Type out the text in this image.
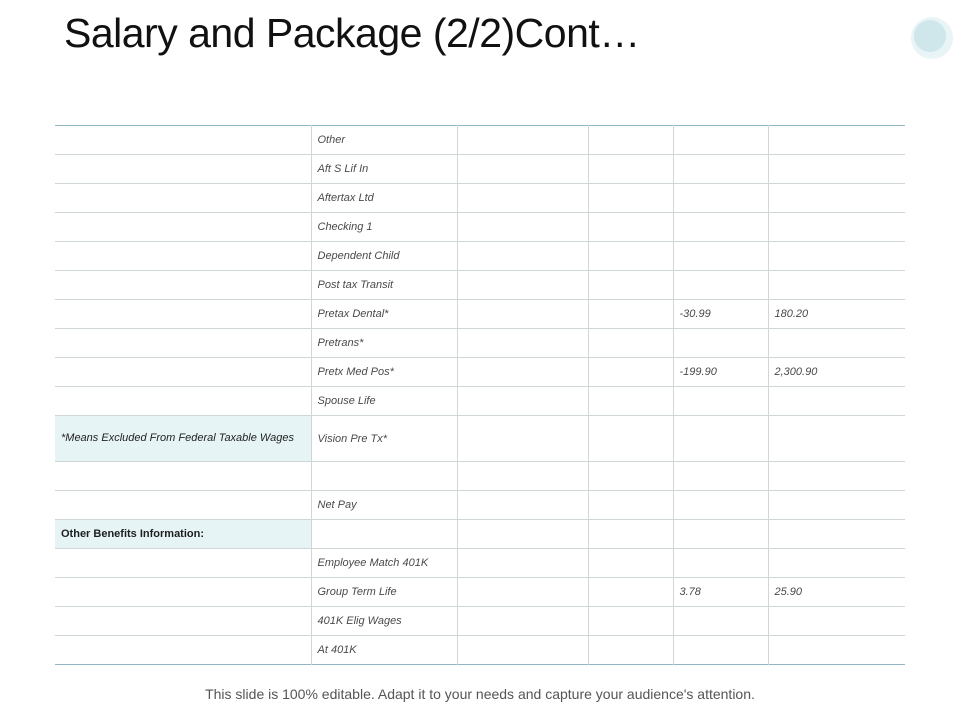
Salary and Package (2/2)Cont…
	Other				
	Aft S Lif In				
	Aftertax Ltd				
	Checking 1				
	Dependent Child				
	Post tax Transit				
	Pretax Dental*			-30.99	180.20
	Pretrans*				
	Pretx Med Pos*			-199.90	2,300.90
	Spouse Life				
*Means Excluded From Federal Taxable Wages	Vision Pre Tx*				

	Net Pay				
Other Benefits Information:					
	Employee Match 401K				
	Group Term Life			3.78	25.90
	401K Elig Wages				
	At 401K				
This slide is 100% editable. Adapt it to your needs and capture your audience's attention.
